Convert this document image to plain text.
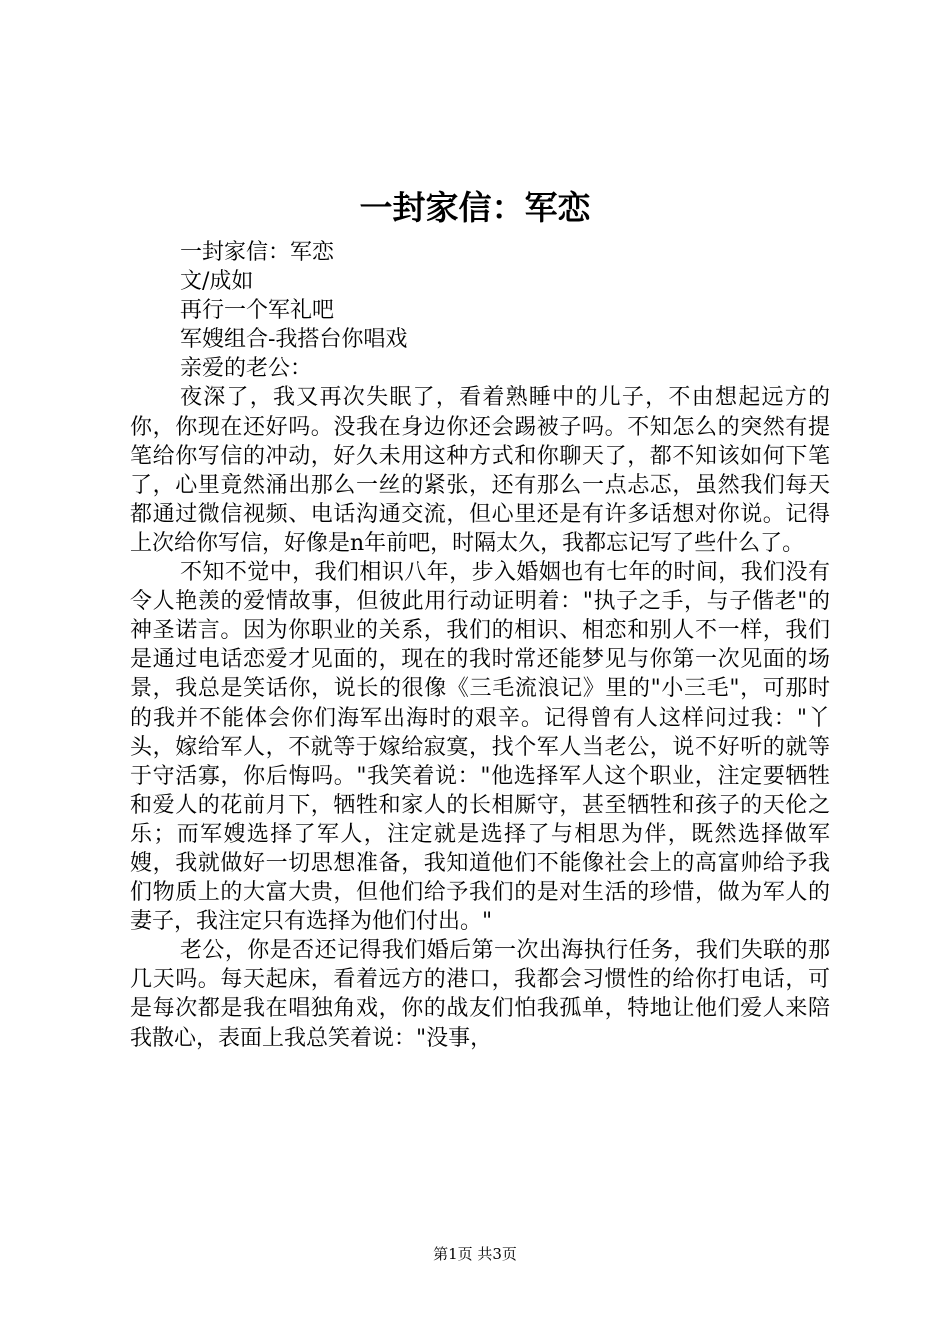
一封家信：军恋

一封家信：军恋

文/成如

再行一个军礼吧

军嫂组合-我搭台你唱戏

亲爱的老公：

夜深了，我又再次失眠了，看着熟睡中的儿子，不由想起远方的你，你现在还好吗。没我在身边你还会踢被子吗。不知怎么的突然有提笔给你写信的冲动，好久未用这种方式和你聊天了，都不知该如何下笔了，心里竟然涌出那么一丝的紧张，还有那么一点忐忑，虽然我们每天都通过微信视频、电话沟通交流，但心里还是有许多话想对你说。记得上次给你写信，好像是n年前吧，时隔太久，我都忘记写了些什么了。

不知不觉中，我们相识八年，步入婚姻也有七年的时间，我们没有令人艳羡的爱情故事，但彼此用行动证明着："执子之手，与子偕老"的神圣诺言。因为你职业的关系，我们的相识、相恋和别人不一样，我们是通过电话恋爱才见面的，现在的我时常还能梦见与你第一次见面的场景，我总是笑话你，说长的很像《三毛流浪记》里的"小三毛"，可那时的我并不能体会你们海军出海时的艰辛。记得曾有人这样问过我："丫头，嫁给军人，不就等于嫁给寂寞，找个军人当老公，说不好听的就等于守活寡，你后悔吗。"我笑着说："他选择军人这个职业，注定要牺牲和爱人的花前月下，牺牲和家人的长相厮守，甚至牺牲和孩子的天伦之乐；而军嫂选择了军人，注定就是选择了与相思为伴，既然选择做军嫂，我就做好一切思想准备，我知道他们不能像社会上的高富帅给予我们物质上的大富大贵，但他们给予我们的是对生活的珍惜，做为军人的妻子，我注定只有选择为他们付出。"

老公，你是否还记得我们婚后第一次出海执行任务，我们失联的那几天吗。每天起床，看着远方的港口，我都会习惯性的给你打电话，可是每次都是我在唱独角戏，你的战友们怕我孤单，特地让他们爱人来陪我散心，表面上我总笑着说："没事，

第1页 共3页
